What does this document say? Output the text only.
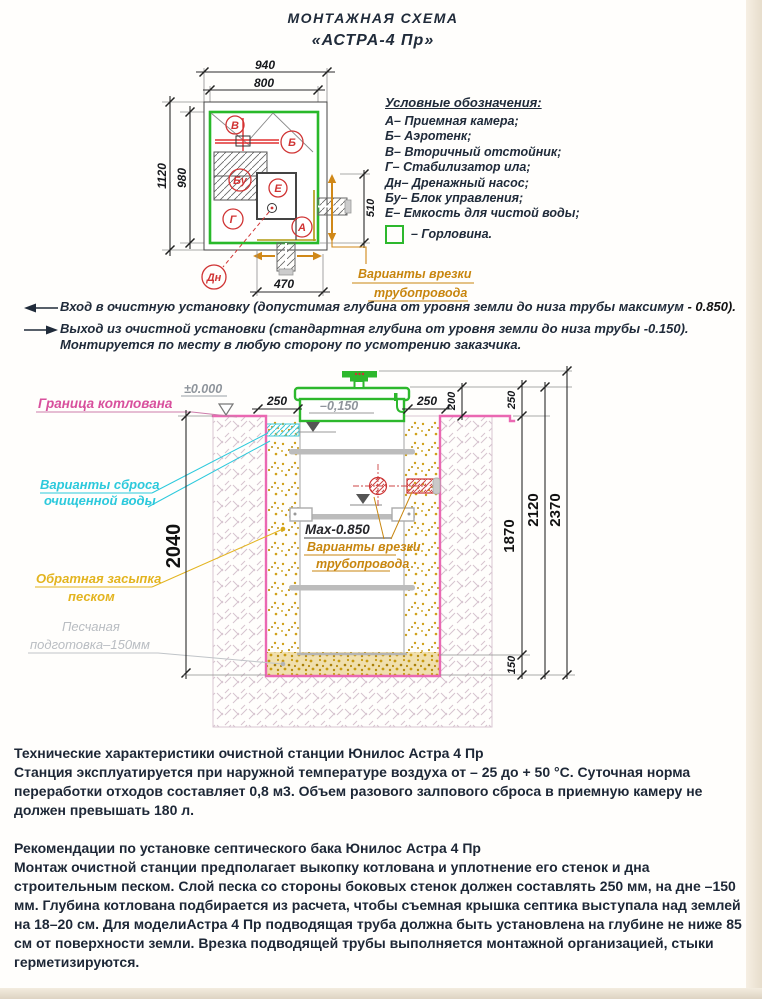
МОНТАЖНАЯ СХЕМА
«АСТРА-4 Пр»
940
800
1120 980
В
Б
Бу
Е
Г
А
Дн
510
470
Варианты врезки
трубопровода
Условные обозначения:
А– Приемная камера;
Б– Аэротенк;
В– Вторичный отстойник;
Г– Стабилизатор ила;
Дн– Дренажный насос;
Бу– Блок управления;
Е– Емкость для чистой воды;
– Горловина.
Вход в очистную установку (допустимая глубина от уровня земли до низа трубы максимум - 0.850).
Выход из очистной установки (стандартная глубина от уровня земли до низа трубы -0.150). Монтируется по месту в любую сторону по усмотрению заказчика.
±0.000
–0,150
Мах-0.850
Варианты врезки
трубопровода
Граница котлована
Варианты сброса
очищенной воды
Обратная засыпка
песком
Песчаная
подготовка–150мм
250	250
2040
250
1870
150
200
2120 2370
Технические характеристики очистной станции Юнилос Астра 4 Пр
Станция эксплуатируется при наружной температуре воздуха от – 25 до + 50 °С. Суточная норма переработки отходов составляет 0,8 м3. Объем разового залпового сброса в приемную камеру не должен превышать 180 л.
Рекомендации по установке септического бака Юнилос Астра 4 Пр
Монтаж очистной станции предполагает выкопку котлована и уплотнение его стенок и дна строительным песком. Слой песка со стороны боковых стенок должен составлять 250 мм, на дне –150 мм. Глубина котлована подбирается из расчета, чтобы съемная крышка септика выступала над землей на 18–20 см. Для моделиАстра 4 Пр подводящая труба должна быть установлена на глубине не ниже 85 см от поверхности земли. Врезка подводящей трубы выполняется монтажной организацией, стыки герметизируются.
